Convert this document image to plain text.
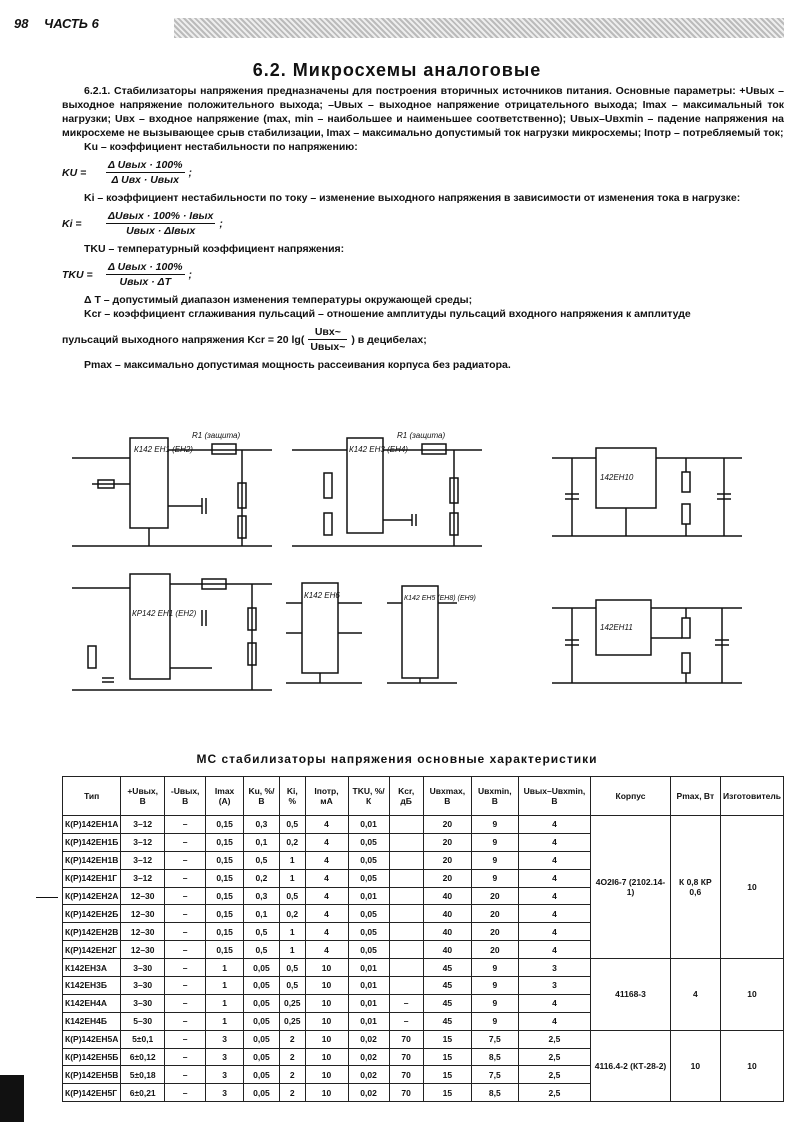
98 ЧАСТЬ 6
6.2. Микросхемы аналоговые

6.2.1. Стабилизаторы напряжения предназначены для построения вторичных источников питания. Основные параметры: +Uвых – выходное напряжение положительного выхода; –Uвых – выходное напряжение отрицательного выхода; Imax – максимальный ток нагрузки; Uвх – входное напряжение (max, min – наибольшее и наименьшее соответственно); Uвых–Uвхmin – падение напряжения на микросхеме не вызывающее срыв стабилизации, Imax – максимально допустимый ток нагрузки микросхемы; Iпотр – потребляемый ток;

Ku – коэффициент нестабильности по напряжению:

KU =	$\frac{\text{Δ Uвых · 100\%}}{\text{Δ Uвх · Uвых}}$ ;

Ki – коэффициент нестабильности по току – изменение выходного напряжения в зависимости от изменения тока в нагрузке:

Ki =	$\frac{\text{ΔUвых · 100\% · Iвых}}{\text{Uвых · ΔIвых}}$ ;

TKU – температурный коэффициент напряжения:

TKU =	$\frac{\text{Δ Uвых · 100\%}}{\text{Uвых · ΔT}}$ ;

Δ T – допустимый диапазон изменения температуры окружающей среды;

Kcr – коэффициент сглаживания пульсаций – отношение амплитуды пульсаций входного напряжения к амплитуде

пульсаций выходного напряжения Kcr = 20 $\lg( \frac{\text{Uвх\textasciitilde{}}}{\text{Uвых\textasciitilde{}}}$ ) в децибелах;

Pmax – максимально допустимая мощность рассеивания корпуса без радиатора.

К142 ЕН1 (ЕН2)
R1 (защита)
К142 ЕН3 (ЕН4)
R1 (защита)
142ЕН10
КР142 ЕН1 (ЕН2)
К142 ЕН6	К142 ЕН5 (ЕН8) (ЕН9)
142ЕН11
МС стабилизаторы напряжения основные характеристики
Тип	+Uвых, В	-Uвых, В	Imax (А)	Ku, %/В	Ki, %	Iпотр, мА	TKU, %/К	Kcr, дБ	Uвхmax, В	Uвхmin, В	Uвых–Uвхmin, В	Корпус	Pmax, Вт	Изготовитель
К(Р)142ЕН1А	3–12	–	0,15	0,3	0,5	4	0,01		20	9	4	4O2I6-7 (2102.14-1)	К 0,8 КР 0,6	10
К(Р)142ЕН1Б	3–12	–	0,15	0,1	0,2	4	0,05		20	9	4			
К(Р)142ЕН1В	3–12	–	0,15	0,5	1	4	0,05		20	9	4			
К(Р)142ЕН1Г	3–12	–	0,15	0,2	1	4	0,05		20	9	4			
К(Р)142ЕН2А	12–30	–	0,15	0,3	0,5	4	0,01		40	20	4			
К(Р)142ЕН2Б	12–30	–	0,15	0,1	0,2	4	0,05		40	20	4			
К(Р)142ЕН2В	12–30	–	0,15	0,5	1	4	0,05		40	20	4			
К(Р)142ЕН2Г	12–30	–	0,15	0,5	1	4	0,05		40	20	4			
К142ЕН3А	3–30	–	1	0,05	0,5	10	0,01		45	9	3	41168-3	4	10
К142ЕН3Б	3–30	–	1	0,05	0,5	10	0,01		45	9	3			
К142ЕН4А	3–30	–	1	0,05	0,25	10	0,01	–	45	9	4			
К142ЕН4Б	5–30	–	1	0,05	0,25	10	0,01	–	45	9	4			
К(Р)142ЕН5А	5±0,1	–	3	0,05	2	10	0,02	70	15	7,5	2,5	4116.4-2 (КТ-28-2)	10	10
К(Р)142ЕН5Б	6±0,12	–	3	0,05	2	10	0,02	70	15	8,5	2,5			
К(Р)142ЕН5В	5±0,18	–	3	0,05	2	10	0,02	70	15	7,5	2,5			
К(Р)142ЕН5Г	6±0,21	–	3	0,05	2	10	0,02	70	15	8,5	2,5			
